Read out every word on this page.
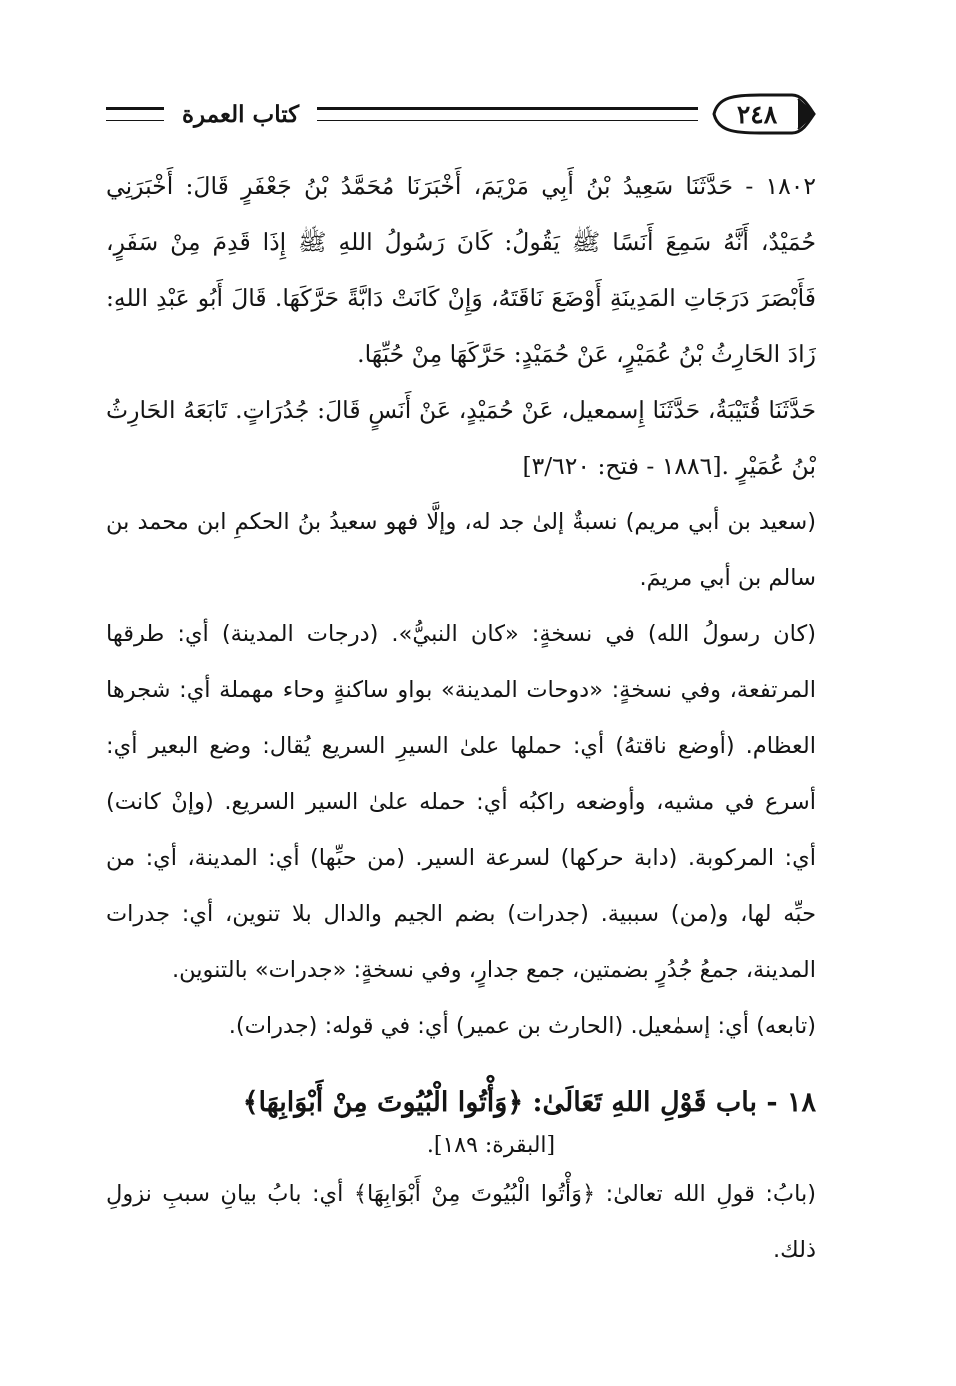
٢٤٨
كتاب العمرة

١٨٠٢ - حَدَّثَنَا سَعِيدُ بْنُ أَبِي مَرْيَمَ، أَخْبَرَنَا مُحَمَّدُ بْنُ جَعْفَرٍ قَالَ: أَخْبَرَنِي حُمَيْدٌ، أَنَّهُ سَمِعَ أَنَسًا ﷺ يَقُولُ: كَانَ رَسُولُ اللهِ ﷺ إِذَا قَدِمَ مِنْ سَفَرٍ، فَأَبْصَرَ دَرَجَاتِ المَدِينَةِ أَوْضَعَ نَاقَتَهُ، وَإِنْ كَانَتْ دَابَّةً حَرَّكَهَا. قَالَ أَبُو عَبْدِ اللهِ: زَادَ الحَارِثُ بْنُ عُمَيْرٍ، عَنْ حُمَيْدٍ: حَرَّكَهَا مِنْ حُبِّهَا.

حَدَّثَنَا قُتَيْبَةُ، حَدَّثَنَا إِسمعيل، عَنْ حُمَيْدٍ، عَنْ أَنَسٍ قَالَ: جُدُرَاتٍ. تَابَعَهُ الحَارِثُ بْنُ عُمَيْرٍ .[١٨٨٦ - فتح: ٣/٦٢٠]

(سعيد بن أبي مريم) نسبةٌ إلىٰ جد له، وإلَّا فهو سعيدُ بنُ الحكمِ ابن محمد بن سالم بن أبي مريمَ.

(كان رسولُ الله) في نسخةٍ: «كان النبيُّ». (درجات المدينة) أي: طرقها المرتفعة، وفي نسخةٍ: «دوحات المدينة» بواو ساكنةٍ وحاء مهملة أي: شجرها العظام. (أوضع ناقتهُ) أي: حملها علىٰ السيرِ السريع يُقال: وضع البعير أي: أسرع في مشيه، وأوضعه راكبُه أي: حمله علىٰ السير السريع. (وإنْ كانت) أي: المركوبة. (دابة حركها) لسرعة السير. (من حبِّها) أي: المدينة، أي: من حبِّه لها، و(من) سببية. (جدرات) بضم الجيم والدال بلا تنوين، أي: جدرات المدينة، جمعُ جُدُرٍ بضمتين، جمع جدارٍ، وفي نسخةٍ: «جدرات» بالتنوين.

(تابعه) أي: إسمٰعيل. (الحارث بن عمير) أي: في قوله: (جدرات).

١٨ - باب قَوْلِ اللهِ تَعَالَىٰ: ﴿وَأْتُوا الْبُيُوتَ مِنْ أَبْوَابِهَا﴾

[البقرة: ١٨٩].

(بابُ: قولِ الله تعالىٰ: ﴿وَأْتُوا الْبُيُوتَ مِنْ أَبْوَابِهَا﴾ أي: بابُ بيانِ سببِ نزولِ ذلك.
